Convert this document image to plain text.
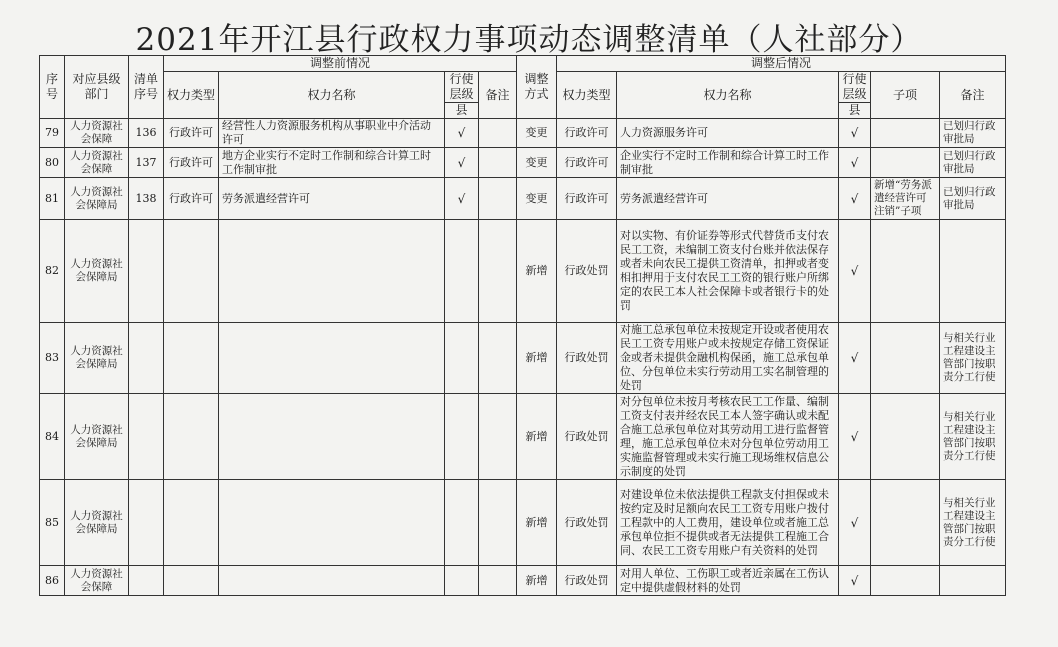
2021年开江县行政权力事项动态调整清单（人社部分）
序号	对应县级部门	清单序号	调整前情况				调整方式	调整后情况				
			权力类型	权力名称	行使层级	备注		权力类型	权力名称	行使层级	子项	备注
					县					县		
79	人力资源社会保障	136	行政许可	经营性人力资源服务机构从事职业中介活动许可	√		变更	行政许可	人力资源服务许可	√		已划归行政审批局
80	人力资源社会保障	137	行政许可	地方企业实行不定时工作制和综合计算工时工作制审批	√		变更	行政许可	企业实行不定时工作制和综合计算工时工作制审批	√		已划归行政审批局
81	人力资源社会保障局	138	行政许可	劳务派遣经营许可	√		变更	行政许可	劳务派遣经营许可	√	新增“劳务派遣经营许可注销”子项	已划归行政审批局
82	人力资源社会保障局						新增	行政处罚	对以实物、有价证券等形式代替货币支付农民工工资，未编制工资支付台账并依法保存或者未向农民工提供工资清单，扣押或者变相扣押用于支付农民工工资的银行账户所绑定的农民工本人社会保障卡或者银行卡的处罚	√		
83	人力资源社会保障局						新增	行政处罚	对施工总承包单位未按规定开设或者使用农民工工资专用账户或未按规定存储工资保证金或者未提供金融机构保函，施工总承包单位、分包单位未实行劳动用工实名制管理的处罚	√		与相关行业工程建设主管部门按职责分工行使
84	人力资源社会保障局						新增	行政处罚	对分包单位未按月考核农民工工作量、编制工资支付表并经农民工本人签字确认或未配合施工总承包单位对其劳动用工进行监督管理，施工总承包单位未对分包单位劳动用工实施监督管理或未实行施工现场维权信息公示制度的处罚	√		与相关行业工程建设主管部门按职责分工行使
85	人力资源社会保障局						新增	行政处罚	对建设单位未依法提供工程款支付担保或未按约定及时足额向农民工工资专用账户拨付工程款中的人工费用，建设单位或者施工总承包单位拒不提供或者无法提供工程施工合同、农民工工资专用账户有关资料的处罚	√		与相关行业工程建设主管部门按职责分工行使
86	人力资源社会保障						新增	行政处罚	对用人单位、工伤职工或者近亲属在工伤认定中提供虚假材料的处罚	√		
